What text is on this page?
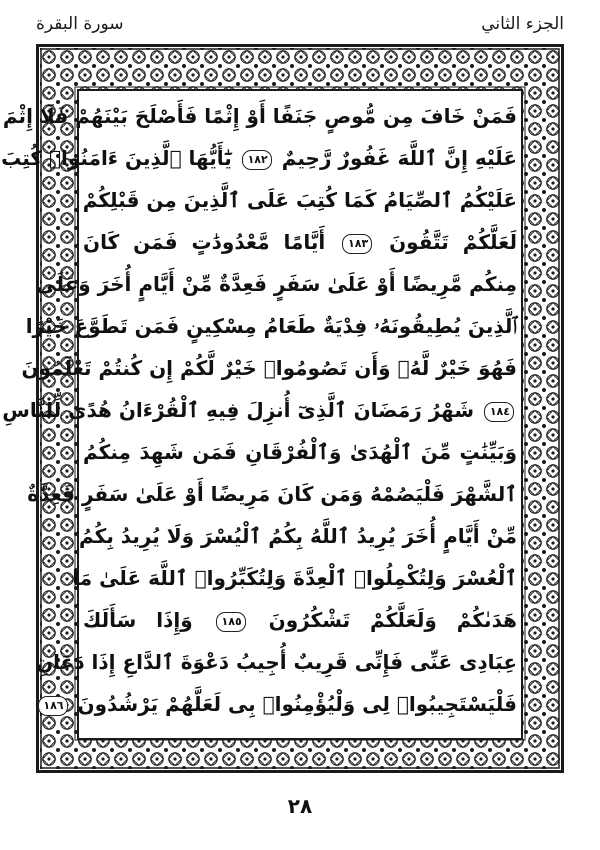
الجزء الثاني
سورة البقرة
فَمَنْ خَافَ مِن مُّوصٍ جَنَفًا أَوْ إِثْمًا فَأَصْلَحَ بَيْنَهُمْ فَلَا إِثْمَ
عَلَيْهِ إِنَّ ٱللَّهَ غَفُورٌ رَّحِيمٌ ١٨٢ يَٰٓأَيُّهَا ٱلَّذِينَ ءَامَنُوا۟ كُتِبَ
عَلَيْكُمُ ٱلصِّيَامُ كَمَا كُتِبَ عَلَى ٱلَّذِينَ مِن قَبْلِكُمْ
لَعَلَّكُمْ تَتَّقُونَ ١٨٣ أَيَّامًا مَّعْدُودَٰتٍ فَمَن كَانَ
مِنكُم مَّرِيضًا أَوْ عَلَىٰ سَفَرٍ فَعِدَّةٌ مِّنْ أَيَّامٍ أُخَرَ وَعَلَى
ٱلَّذِينَ يُطِيقُونَهُۥ فِدْيَةٌ طَعَامُ مِسْكِينٍ فَمَن تَطَوَّعَ خَيْرًا
فَهُوَ خَيْرٌ لَّهُۥ وَأَن تَصُومُوا۟ خَيْرٌ لَّكُمْ إِن كُنتُمْ تَعْلَمُونَ
١٨٤ شَهْرُ رَمَضَانَ ٱلَّذِىٓ أُنزِلَ فِيهِ ٱلْقُرْءَانُ هُدًى لِّلنَّاسِ
وَبَيِّنَٰتٍ مِّنَ ٱلْهُدَىٰ وَٱلْفُرْقَانِ فَمَن شَهِدَ مِنكُمُ
ٱلشَّهْرَ فَلْيَصُمْهُ وَمَن كَانَ مَرِيضًا أَوْ عَلَىٰ سَفَرٍ فَعِدَّةٌ
مِّنْ أَيَّامٍ أُخَرَ يُرِيدُ ٱللَّهُ بِكُمُ ٱلْيُسْرَ وَلَا يُرِيدُ بِكُمُ
ٱلْعُسْرَ وَلِتُكْمِلُوا۟ ٱلْعِدَّةَ وَلِتُكَبِّرُوا۟ ٱللَّهَ عَلَىٰ مَا
هَدَىٰكُمْ وَلَعَلَّكُمْ تَشْكُرُونَ ١٨٥ وَإِذَا سَأَلَكَ
عِبَادِى عَنِّى فَإِنِّى قَرِيبٌ أُجِيبُ دَعْوَةَ ٱلدَّاعِ إِذَا دَعَانِ
فَلْيَسْتَجِيبُوا۟ لِى وَلْيُؤْمِنُوا۟ بِى لَعَلَّهُمْ يَرْشُدُونَ ١٨٦
٢٨
